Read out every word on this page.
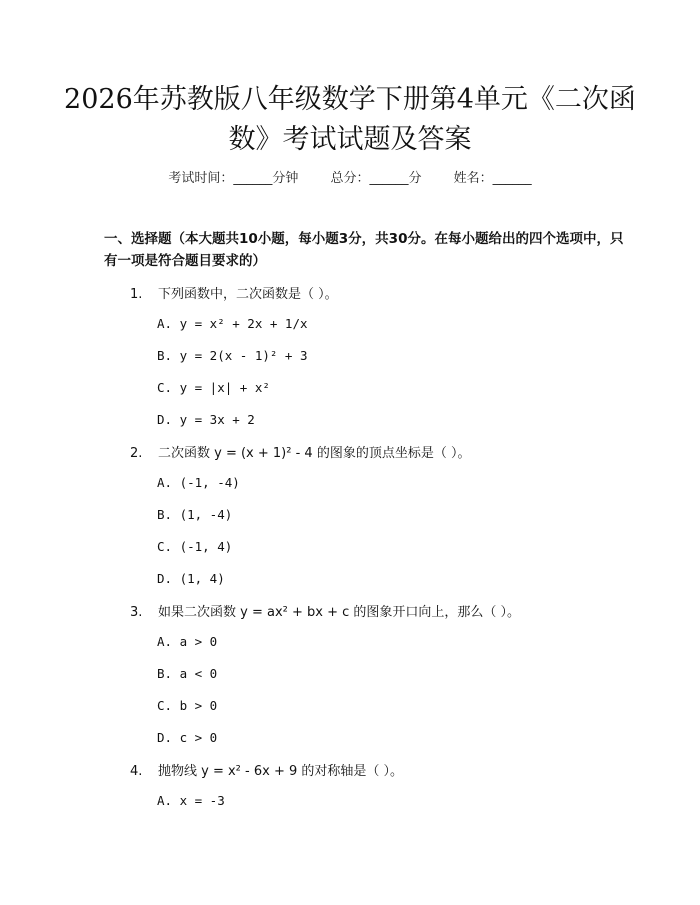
2026年苏教版八年级数学下册第4单元《二次函数》考试试题及答案
考试时间：______分钟 总分：______分 姓名：______
一、选择题（本大题共10小题，每小题3分，共30分。在每小题给出的四个选项中，只有一项是符合题目要求的）
1. 下列函数中，二次函数是（ ）。
A. y = x² + 2x + 1/x
B. y = 2(x - 1)² + 3
C. y = |x| + x²
D. y = 3x + 2
2. 二次函数 y = (x + 1)² - 4 的图象的顶点坐标是（ ）。
A. (-1, -4)
B. (1, -4)
C. (-1, 4)
D. (1, 4)
3. 如果二次函数 y = ax² + bx + c 的图象开口向上，那么（ ）。
A. a > 0
B. a < 0
C. b > 0
D. c > 0
4. 抛物线 y = x² - 6x + 9 的对称轴是（ ）。
A. x = -3
